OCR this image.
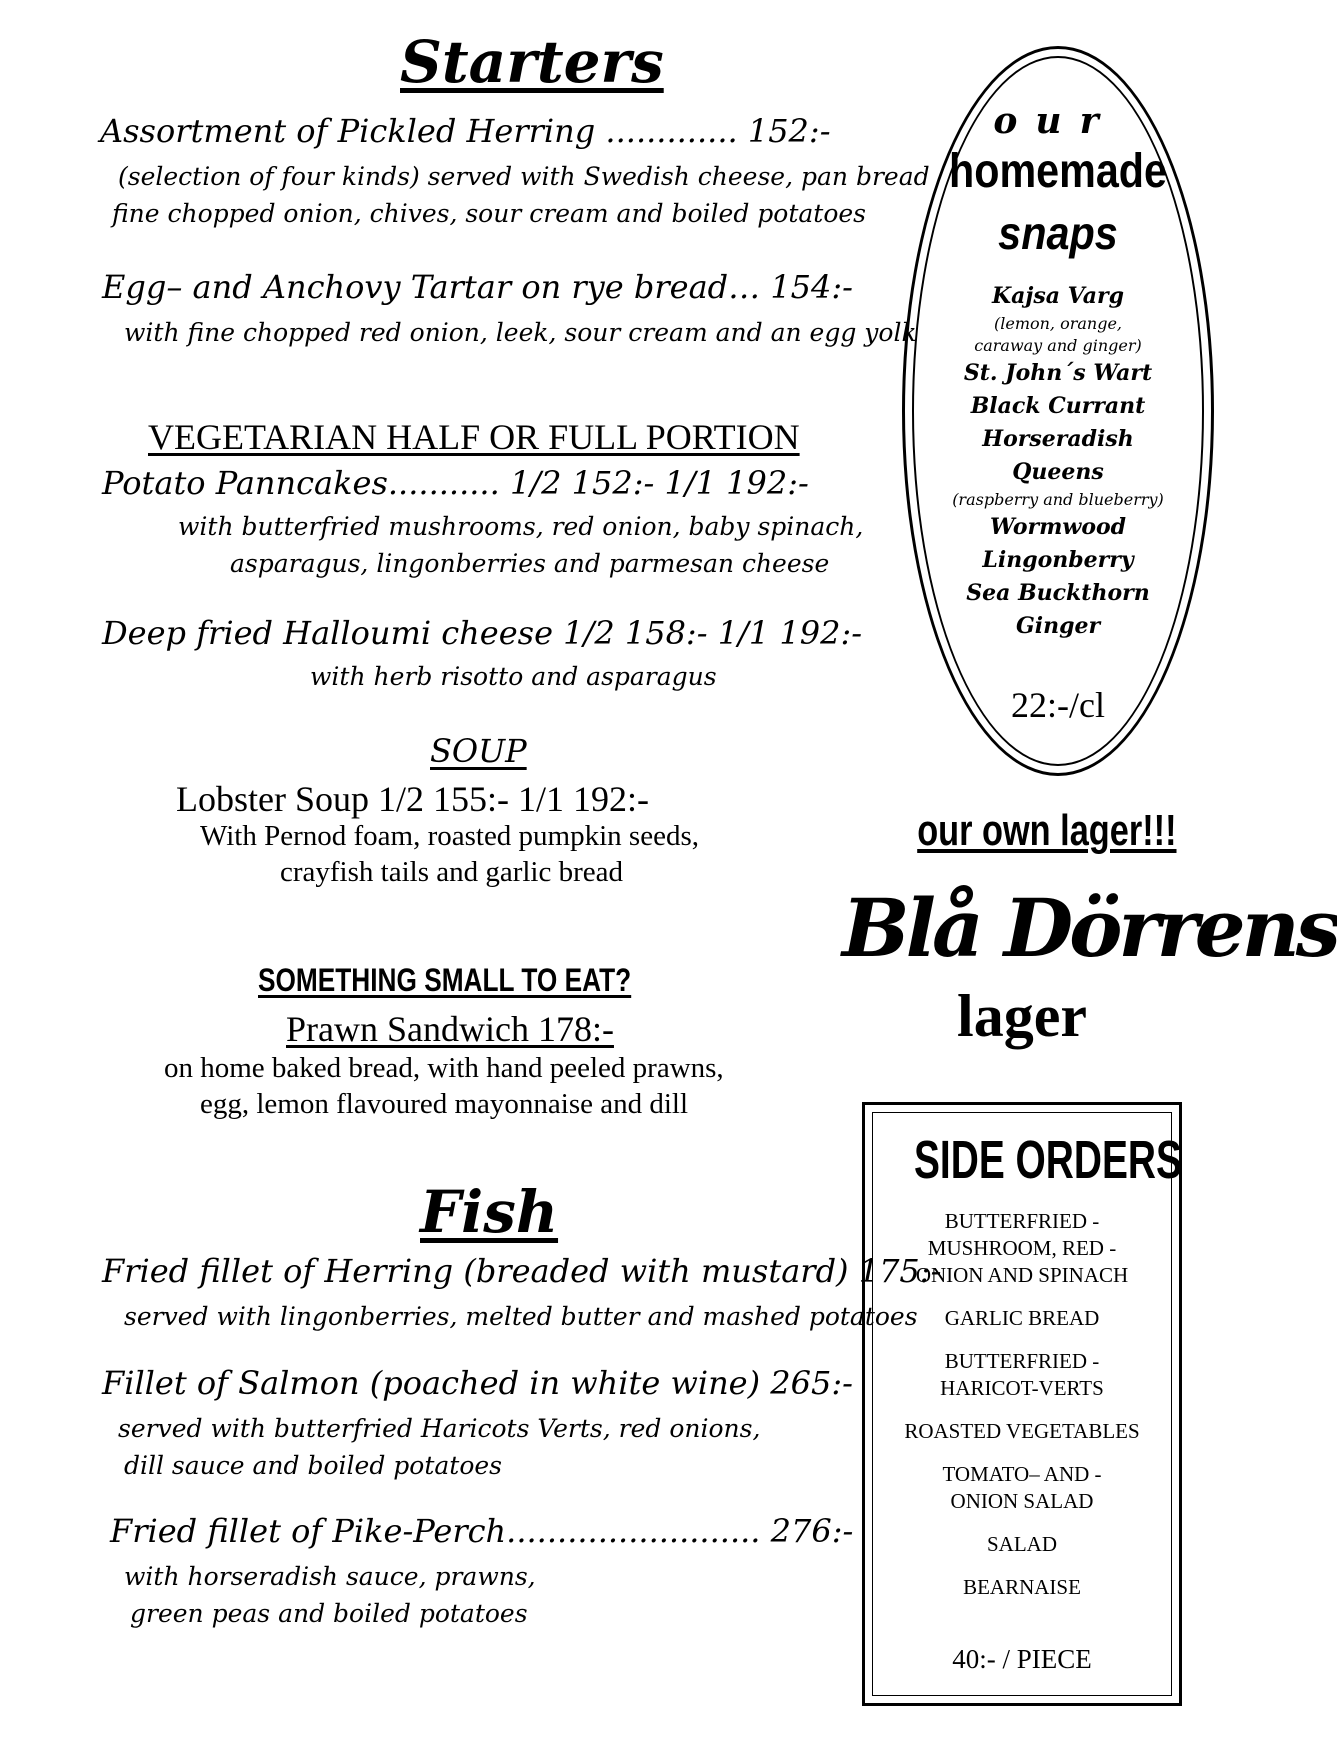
Starters
Assortment of Pickled Herring ............. 152:-
(selection of four kinds) served with Swedish cheese, pan bread
fine chopped onion, chives, sour cream and boiled potatoes
Egg– and Anchovy Tartar on rye bread… 154:-
with fine chopped red onion, leek, sour cream and an egg yolk
VEGETARIAN HALF OR FULL PORTION
Potato Panncakes........... 1/2 152:- 1/1 192:-
with butterfried mushrooms, red onion, baby spinach,
asparagus, lingonberries and parmesan cheese
Deep fried Halloumi cheese 1/2 158:- 1/1 192:-
with herb risotto and asparagus
SOUP
Lobster Soup 1/2 155:- 1/1 192:-
With Pernod foam, roasted pumpkin seeds,
crayfish tails and garlic bread
SOMETHING SMALL TO EAT?
Prawn Sandwich 178:-
on home baked bread, with hand peeled prawns,
egg, lemon flavoured mayonnaise and dill
Fish
Fried fillet of Herring (breaded with mustard) 175:-
served with lingonberries, melted butter and mashed potatoes
Fillet of Salmon (poached in white wine) 265:-
served with butterfried Haricots Verts, red onions,
dill sauce and boiled potatoes
Fried fillet of Pike-Perch......................... 276:-
with horseradish sauce, prawns,
green peas and boiled potatoes
our
homemade
snaps
Kajsa Varg
(lemon, orange,
caraway and ginger)
St. John´s Wart
Black Currant
Horseradish
Queens
(raspberry and blueberry)
Wormwood
Lingonberry
Sea Buckthorn
Ginger
22:-/cl
our own lager!!!
Blå Dörrens
lager
SIDE ORDERS
BUTTERFRIED -
MUSHROOM, RED -
ONION AND SPINACH
GARLIC BREAD
BUTTERFRIED -
HARICOT-VERTS
ROASTED VEGETABLES
TOMATO– AND -
ONION SALAD
SALAD
BEARNAISE
40:- / PIECE
